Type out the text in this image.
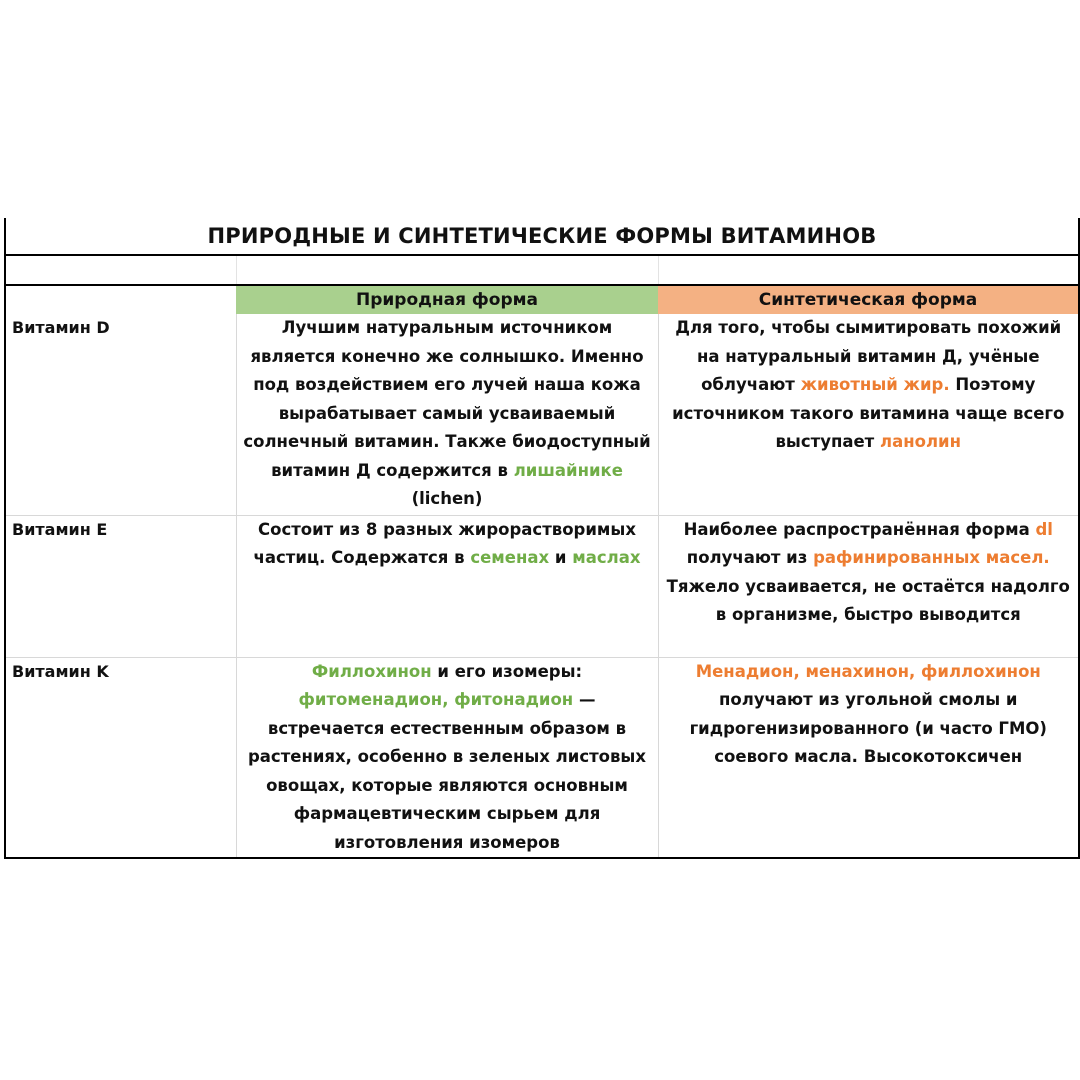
ПРИРОДНЫЕ И СИНТЕТИЧЕСКИЕ ФОРМЫ ВИТАМИНОВ		

	Природная форма	Синтетическая форма
Витамин D	Лучшим натуральным источником является конечно же солнышко. Именно под воздействием его лучей наша кожа вырабатывает самый усваиваемый солнечный витамин. Также биодоступный витамин Д содержится в лишайнике (lichen)	Для того, чтобы сымитировать похожий на натуральный витамин Д, учёные облучают животный жир. Поэтому источником такого витамина чаще всего выступает ланолин
Витамин E	Состоит из 8 разных жирорастворимых частиц. Содержатся в семенах и маслах	Наиболее распространённая форма dl получают из рафинированных масел. Тяжело усваивается, не остаётся надолго в организме, быстро выводится
Витамин K	Филлохинон и его изомеры: фитоменадион, фитонадион — встречается естественным образом в растениях, особенно в зеленых листовых овощах, которые являются основным фармацевтическим сырьем для изготовления изомеров	Менадион, менахинон, филлохинон получают из угольной смолы и гидрогенизированного (и часто ГМО) соевого масла. Высокотоксичен
